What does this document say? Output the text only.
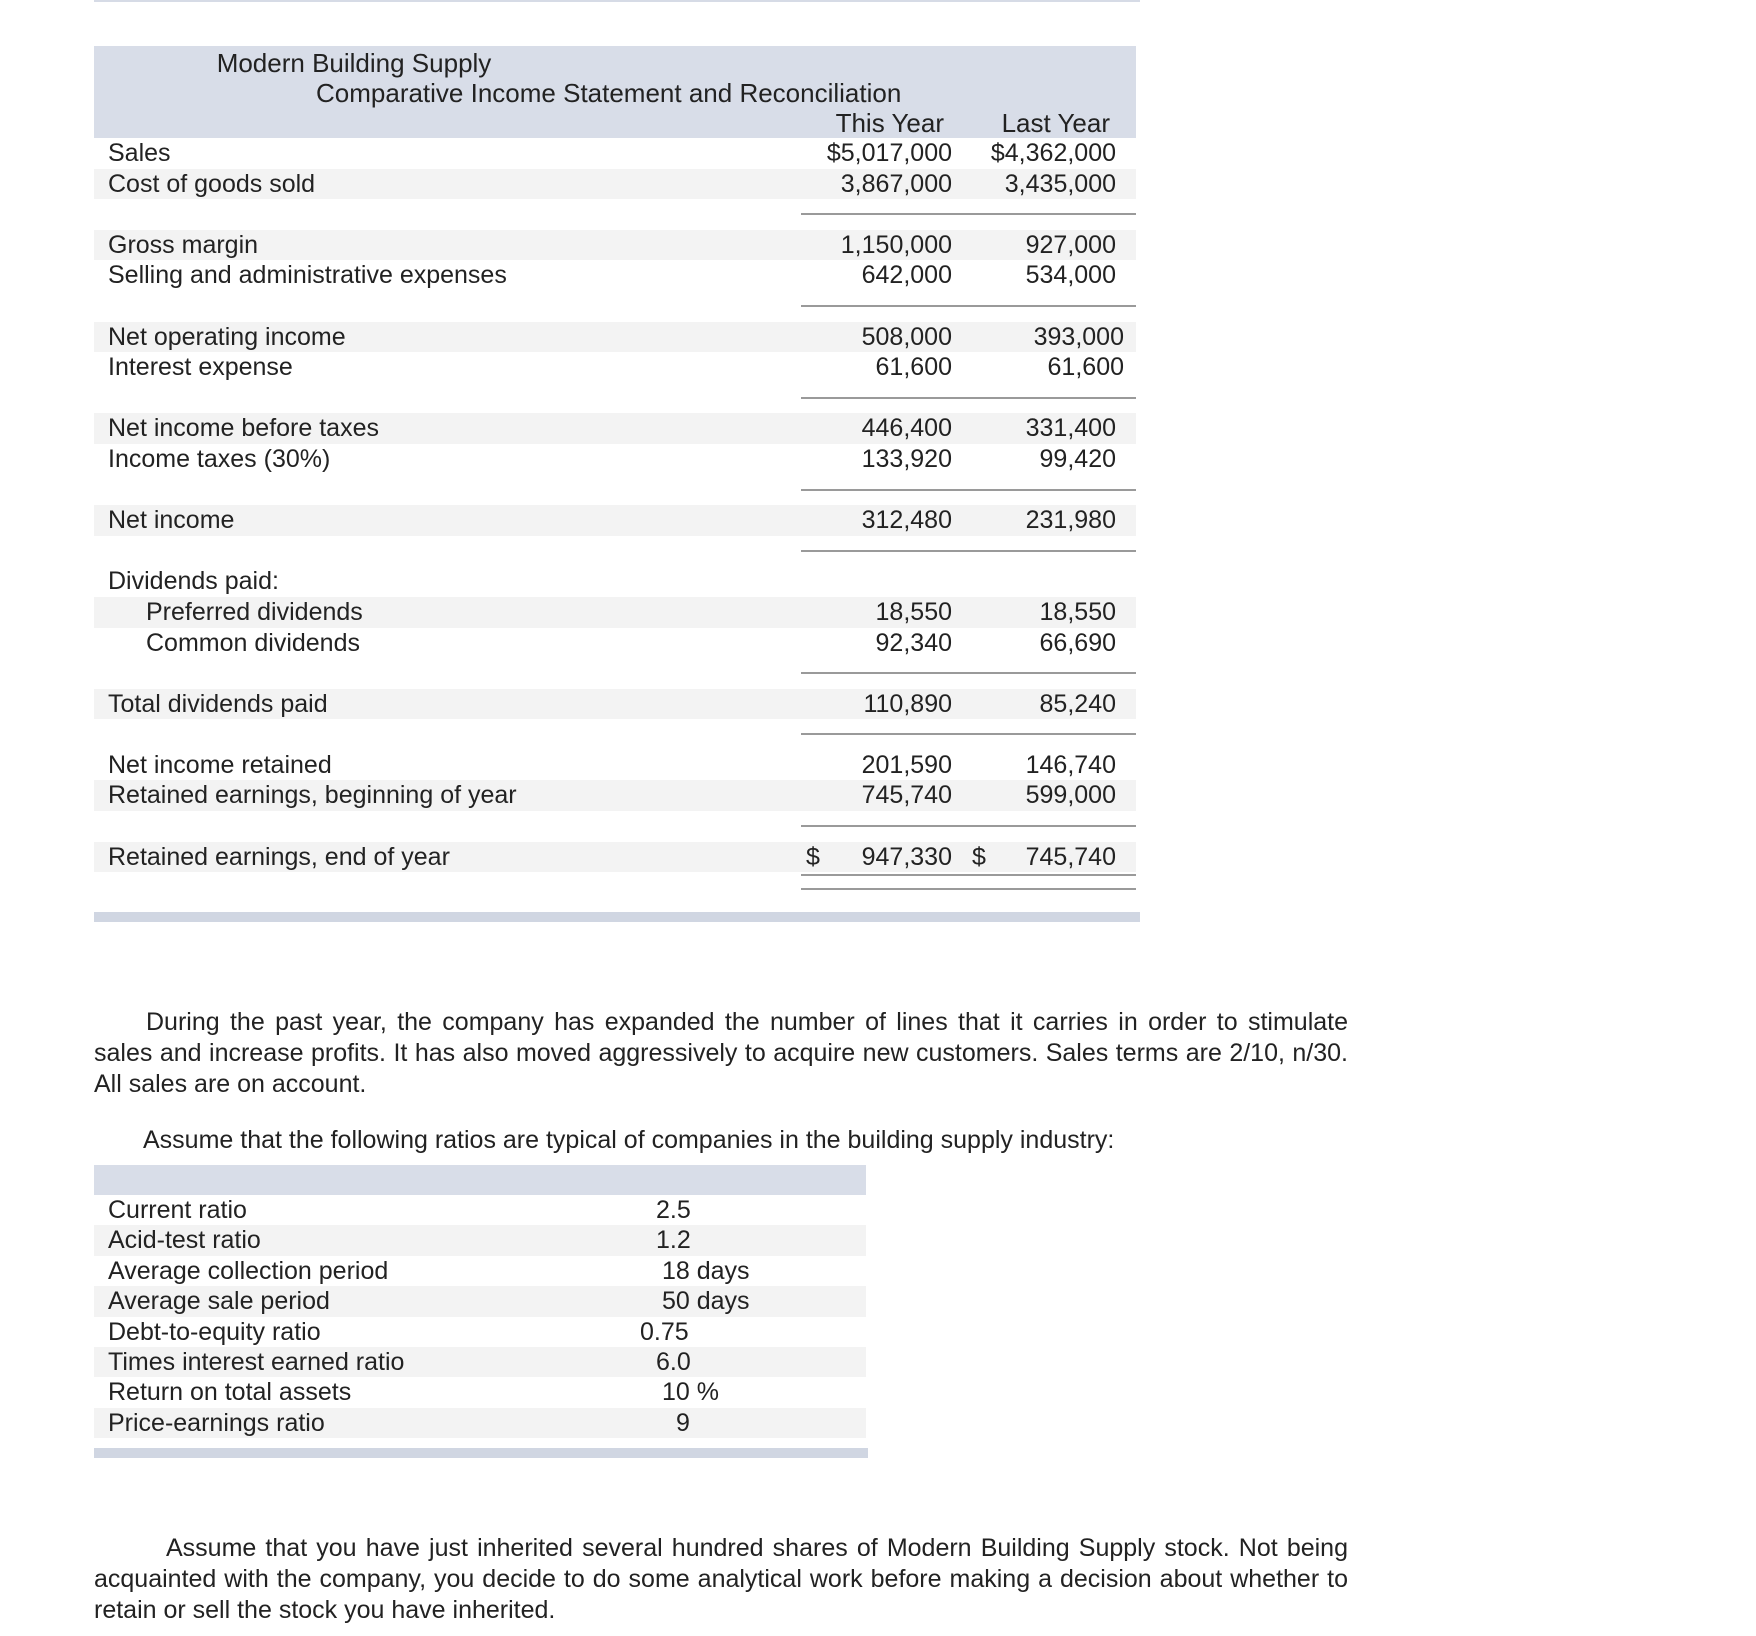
Modern Building Supply
Comparative Income Statement and Reconciliation
This Year Last Year
Sales	$5,017,000 $4,362,000
Cost of goods sold	3,867,000 3,435,000
Gross margin	1,150,000	927,000
Selling and administrative expenses	642,000	534,000
Net operating income	508,000	393,000
Interest expense	61,600	61,600
Net income before taxes	446,400	331,400
Income taxes (30%)	133,920	99,420
Net income	312,480	231,980
Dividends paid:
Preferred dividends	18,550	18,550
Common dividends	92,340	66,690
Total dividends paid	110,890	85,240
Net income retained	201,590	146,740
Retained earnings, beginning of year	745,740	599,000
Retained earnings, end of year	$ 947,330 $ 745,740

During the past year, the company has expanded the number of lines that it carries in order to stimulate sales and increase profits. It has also moved aggressively to acquire new customers. Sales terms are 2/10, n/30. All sales are on account.

Assume that the following ratios are typical of companies in the building supply industry:

Current ratio	2.5
Acid-test ratio	1.2
Average collection period	18 days
Average sale period	50 days
Debt-to-equity ratio	0.75
Times interest earned ratio	6.0
Return on total assets	10 %
Price-earnings ratio	9

Assume that you have just inherited several hundred shares of Modern Building Supply stock. Not being acquainted with the company, you decide to do some analytical work before making a decision about whether to retain or sell the stock you have inherited.
